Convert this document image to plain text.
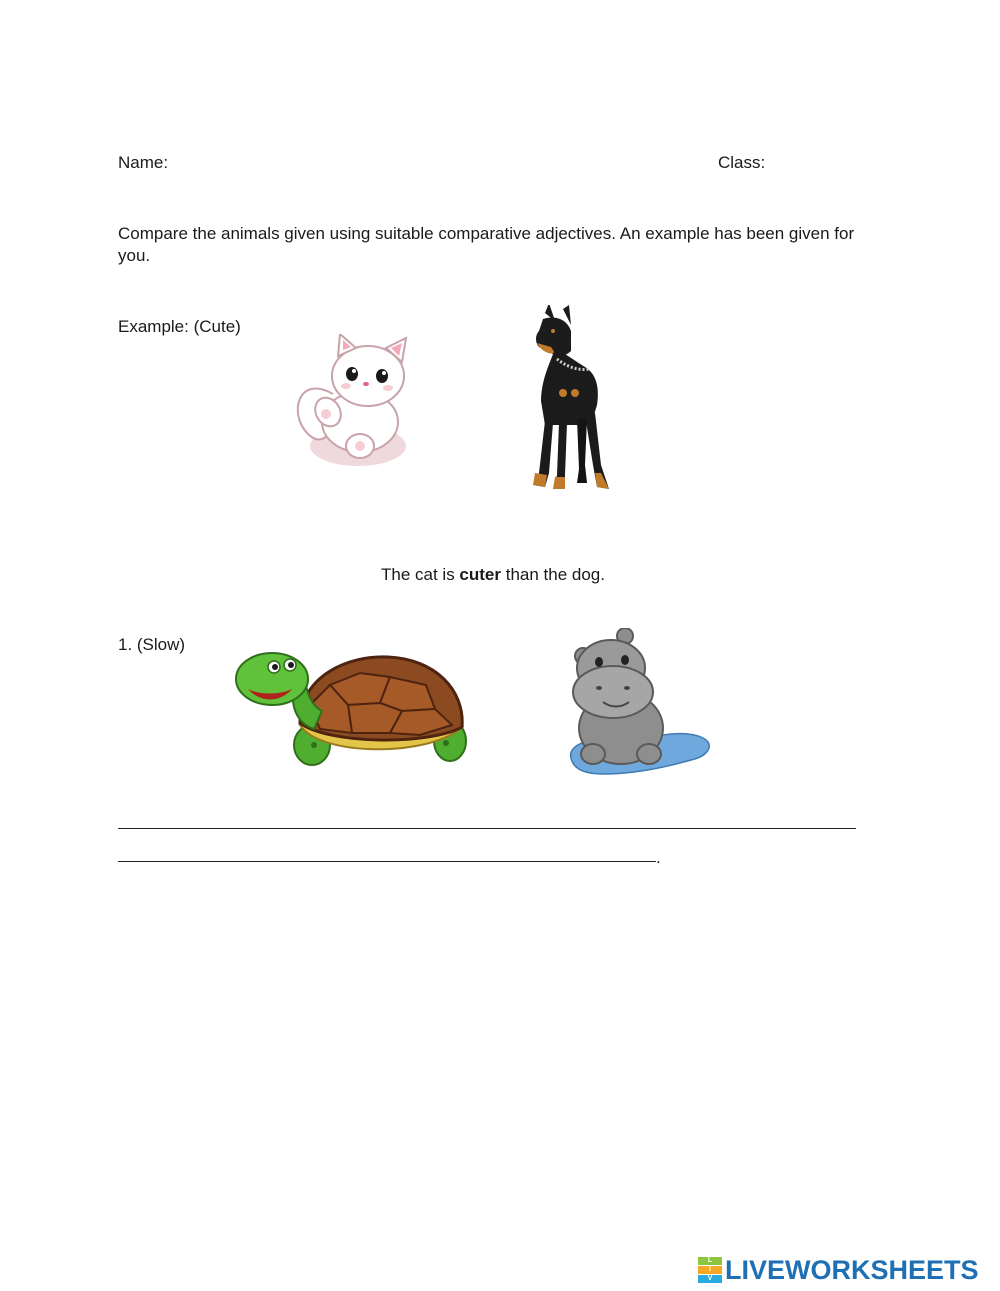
Name:	Class:
Compare the animals given using suitable comparative adjectives. An example has been given for you.
Example: (Cute)
The cat is cuter than the dog.
1. (Slow)
.
L
I
V LIVEWORKSHEETS
